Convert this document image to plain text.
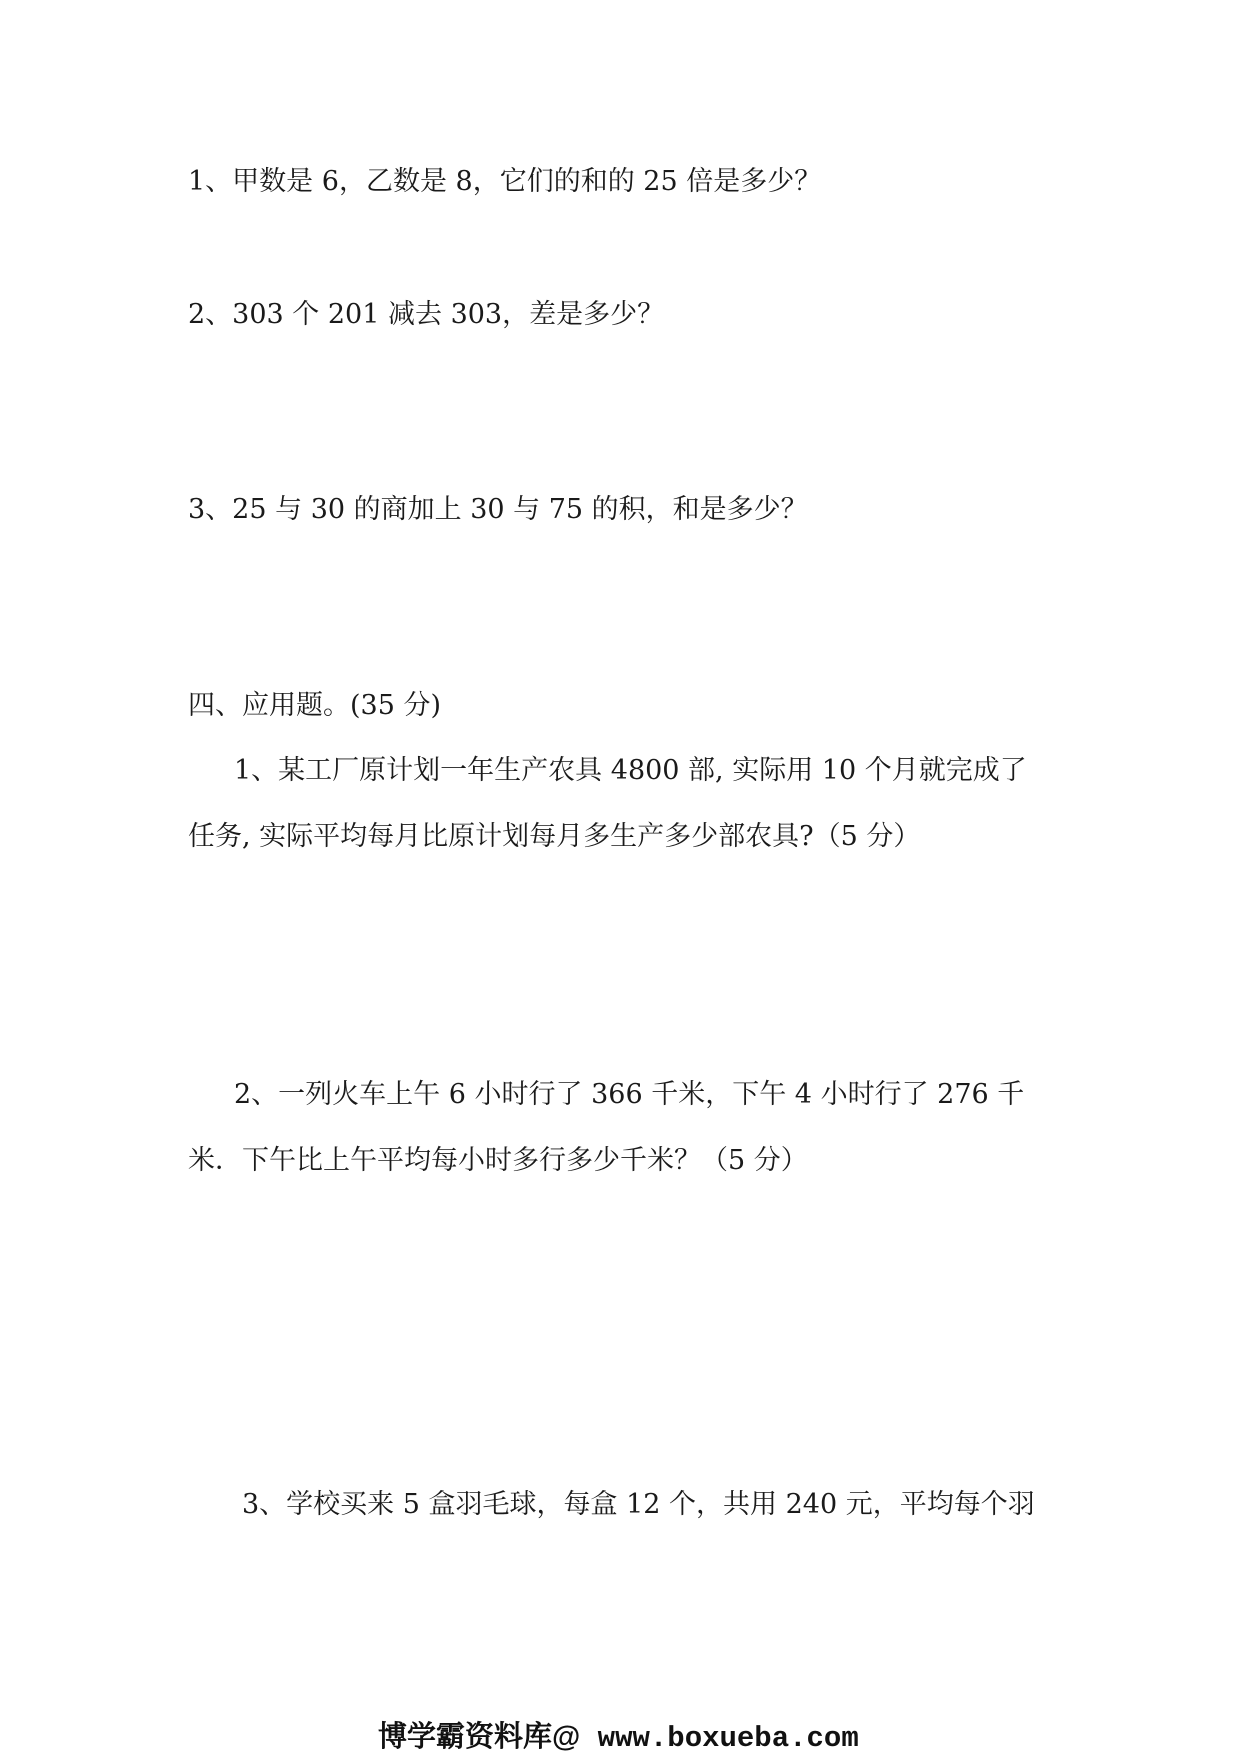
1、甲数是 6，乙数是 8，它们的和的 25 倍是多少？
2、303 个 201 减去 303，差是多少？
3、25 与 30 的商加上 30 与 75 的积，和是多少？
四、应用题。(35 分)
1、某工厂原计划一年生产农具 4800 部, 实际用 10 个月就完成了
任务, 实际平均每月比原计划每月多生产多少部农具?（5 分）
2、一列火车上午 6 小时行了 366 千米，下午 4 小时行了 276 千
米．下午比上午平均每小时多行多少千米？（5 分）
3、学校买来 5 盒羽毛球，每盒 12 个，共用 240 元，平均每个羽
博学霸资料库@ www.boxueba.com
